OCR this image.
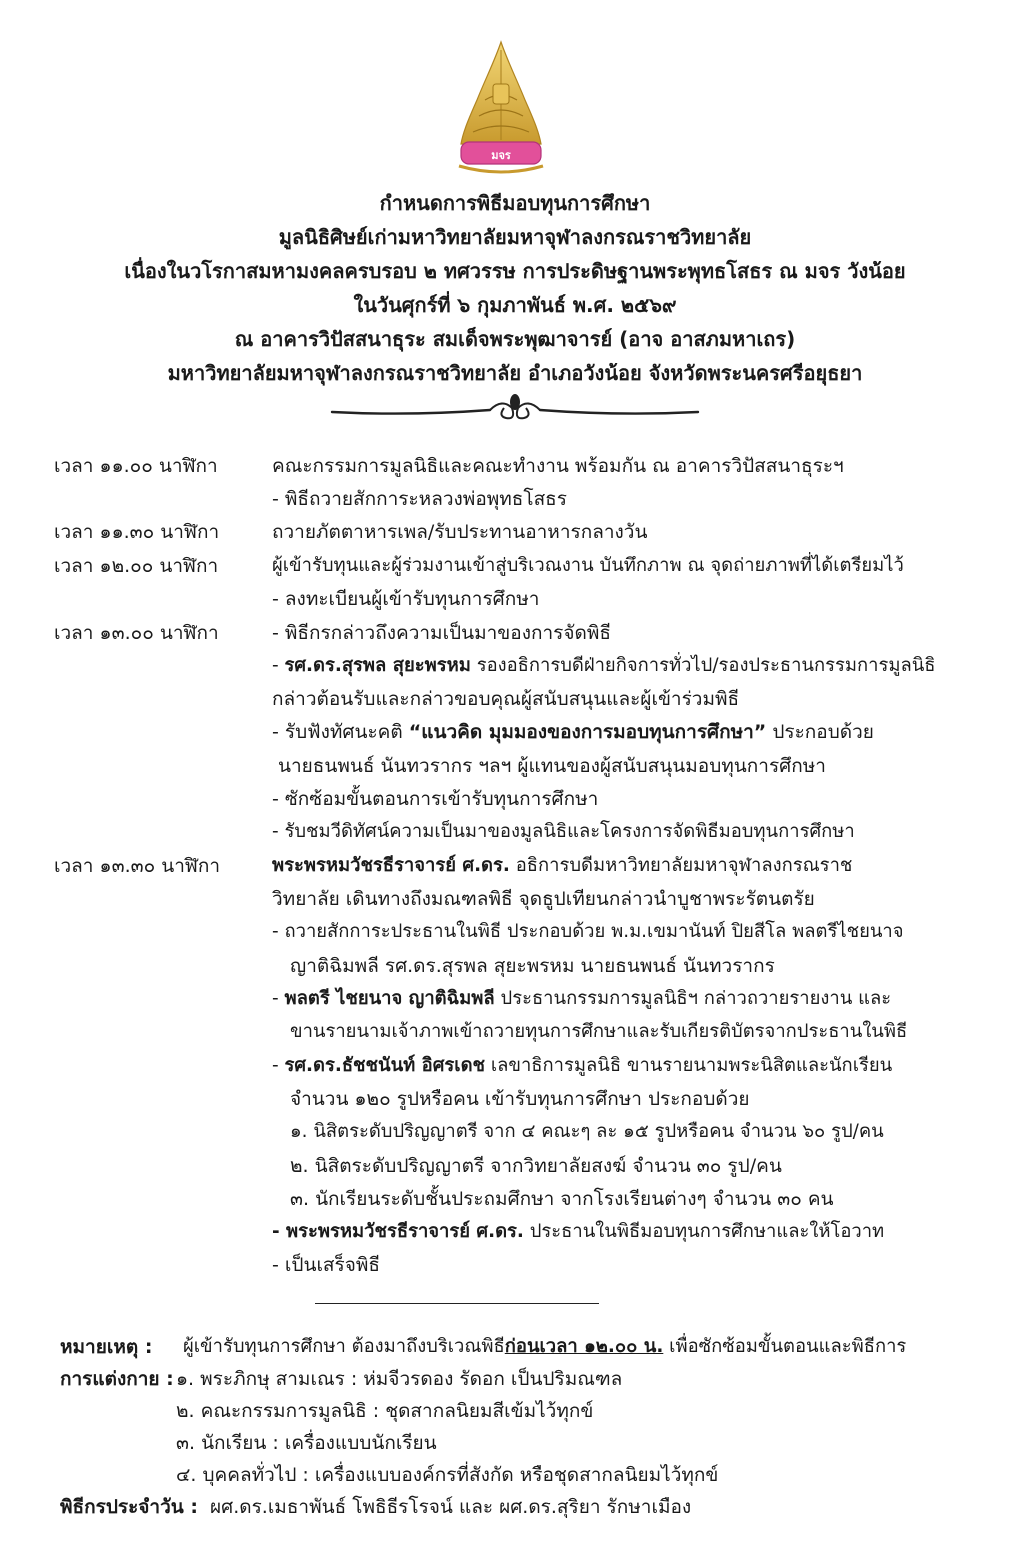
มจร
กำหนดการพิธีมอบทุนการศึกษา
มูลนิธิศิษย์เก่ามหาวิทยาลัยมหาจุฬาลงกรณราชวิทยาลัย
เนื่องในวโรกาสมหามงคลครบรอบ ๒ ทศวรรษ การประดิษฐานพระพุทธโสธร ณ มจร วังน้อย
ในวันศุกร์ที่ ๖ กุมภาพันธ์ พ.ศ. ๒๕๖๙
ณ อาคารวิปัสสนาธุระ สมเด็จพระพุฒาจารย์ (อาจ อาสภมหาเถร)
มหาวิทยาลัยมหาจุฬาลงกรณราชวิทยาลัย อำเภอวังน้อย จังหวัดพระนครศรีอยุธยา
เวลา ๑๑.๐๐ นาฬิกา	คณะกรรมการมูลนิธิและคณะทำงาน พร้อมกัน ณ อาคารวิปัสสนาธุระฯ
- พิธีถวายสักการะหลวงพ่อพุทธโสธร
เวลา ๑๑.๓๐ นาฬิกา	ถวายภัตตาหารเพล/รับประทานอาหารกลางวัน
เวลา ๑๒.๐๐ นาฬิกา	ผู้เข้ารับทุนและผู้ร่วมงานเข้าสู่บริเวณงาน บันทึกภาพ ณ จุดถ่ายภาพที่ได้เตรียมไว้
- ลงทะเบียนผู้เข้ารับทุนการศึกษา
เวลา ๑๓.๐๐ นาฬิกา	- พิธีกรกล่าวถึงความเป็นมาของการจัดพิธี
- รศ.ดร.สุรพล สุยะพรหม รองอธิการบดีฝ่ายกิจการทั่วไป/รองประธานกรรมการมูลนิธิ
กล่าวต้อนรับและกล่าวขอบคุณผู้สนับสนุนและผู้เข้าร่วมพิธี
- รับฟังทัศนะคติ “แนวคิด มุมมองของการมอบทุนการศึกษา” ประกอบด้วย
นายธนพนธ์ นันทวรากร ฯลฯ ผู้แทนของผู้สนับสนุนมอบทุนการศึกษา
- ซักซ้อมขั้นตอนการเข้ารับทุนการศึกษา
- รับชมวีดิทัศน์ความเป็นมาของมูลนิธิและโครงการจัดพิธีมอบทุนการศึกษา
เวลา ๑๓.๓๐ นาฬิกา	พระพรหมวัชรธีราจารย์ ศ.ดร. อธิการบดีมหาวิทยาลัยมหาจุฬาลงกรณราช
วิทยาลัย เดินทางถึงมณฑลพิธี จุดธูปเทียนกล่าวนำบูชาพระรัตนตรัย
- ถวายสักการะประธานในพิธี ประกอบด้วย พ.ม.เขมานันท์ ปิยสีโล พลตรีไชยนาจ
ญาติฉิมพลี รศ.ดร.สุรพล สุยะพรหม นายธนพนธ์ นันทวรากร
- พลตรี ไชยนาจ ญาติฉิมพลี ประธานกรรมการมูลนิธิฯ กล่าวถวายรายงาน และ
ขานรายนามเจ้าภาพเข้าถวายทุนการศึกษาและรับเกียรติบัตรจากประธานในพิธี
- รศ.ดร.ธัชชนันท์ อิศรเดช เลขาธิการมูลนิธิ ขานรายนามพระนิสิตและนักเรียน
จำนวน ๑๒๐ รูปหรือคน เข้ารับทุนการศึกษา ประกอบด้วย
๑. นิสิตระดับปริญญาตรี จาก ๔ คณะๆ ละ ๑๕ รูปหรือคน จำนวน ๖๐ รูป/คน
๒. นิสิตระดับปริญญาตรี จากวิทยาลัยสงฆ์ จำนวน ๓๐ รูป/คน
๓. นักเรียนระดับชั้นประถมศึกษา จากโรงเรียนต่างๆ จำนวน ๓๐ คน
- พระพรหมวัชรธีราจารย์ ศ.ดร. ประธานในพิธีมอบทุนการศึกษาและให้โอวาท
- เป็นเสร็จพิธี
หมายเหตุ : ผู้เข้ารับทุนการศึกษา ต้องมาถึงบริเวณพิธีก่อนเวลา ๑๒.๐๐ น. เพื่อซักซ้อมขั้นตอนและพิธีการ
การแต่งกาย : ๑. พระภิกษุ สามเณร : ห่มจีวรดอง รัดอก เป็นปริมณฑล
๒. คณะกรรมการมูลนิธิ : ชุดสากลนิยมสีเข้มไว้ทุกข์
๓. นักเรียน : เครื่องแบบนักเรียน
๔. บุคคลทั่วไป : เครื่องแบบองค์กรที่สังกัด หรือชุดสากลนิยมไว้ทุกข์
พิธีกรประจำวัน : ผศ.ดร.เมธาพันธ์ โพธิธีรโรจน์ และ ผศ.ดร.สุริยา รักษาเมือง
